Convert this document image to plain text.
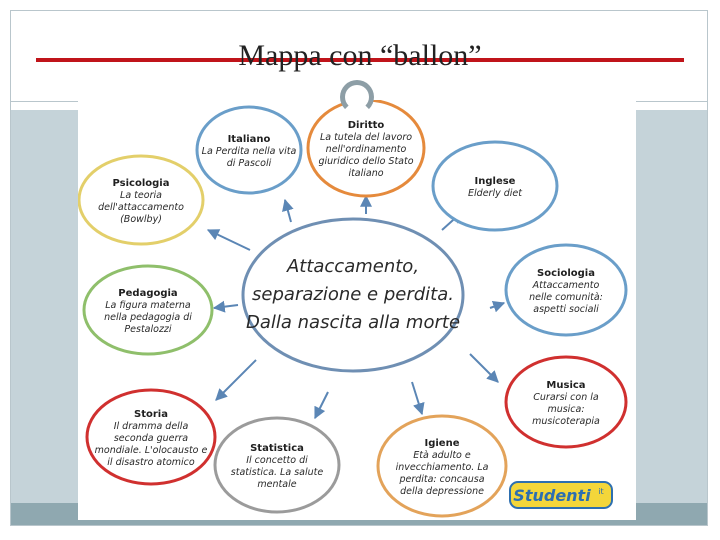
Mappa con “ballon”
Italiano
La Perdita nella vita
di Pascoli
Diritto
La tutela del lavoro
nell'ordinamento
giuridico dello Stato
italiano
Inglese
Elderly diet
Psicologia
La teoria
dell'attaccamento
(Bowlby)
Sociologia
Attaccamento
nelle comunità:
aspetti sociali
Pedagogia
La figura materna
nella pedagogia di
Pestalozzi
Musica
Curarsi con la
musica:
musicoterapia
Storia
Il dramma della
seconda guerra
mondiale. L'olocausto e
il disastro atomico
Statistica
Il concetto di
statistica. La salute
mentale
Igiene
Età adulto e
invecchiamento. La
perdita: concausa
della depressione
Attaccamento,
separazione e perdita.
Dalla nascita alla morte
Studenti it
